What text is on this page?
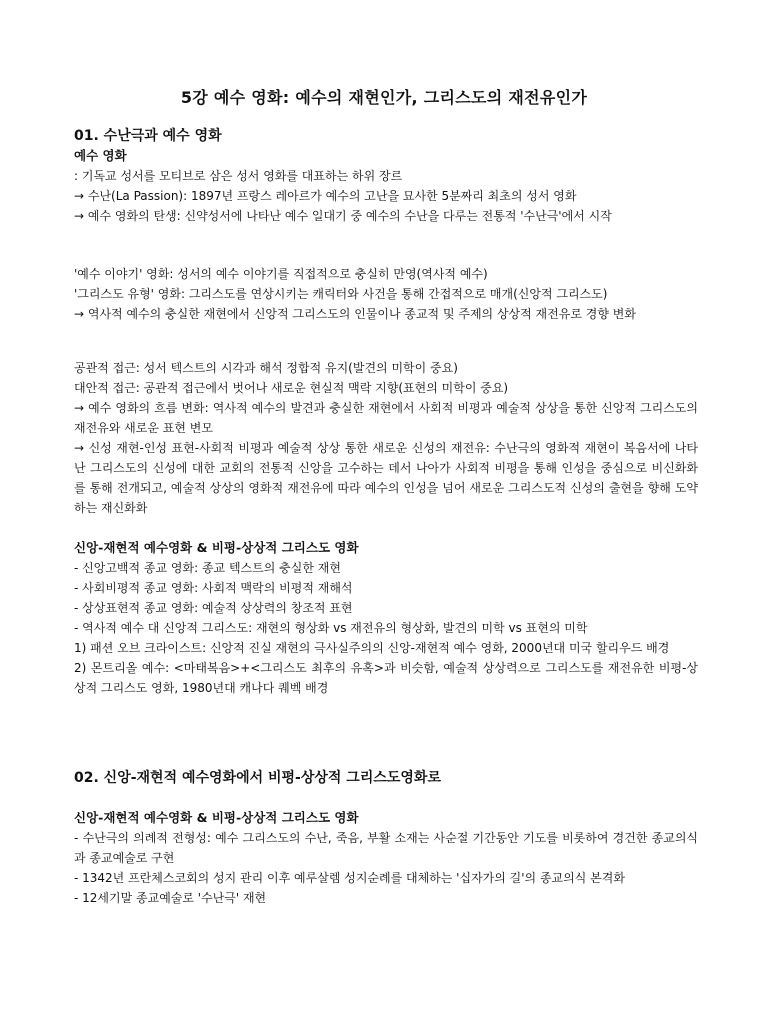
5강 예수 영화: 예수의 재현인가, 그리스도의 재전유인가
01. 수난극과 예수 영화
예수 영화
: 기독교 성서를 모티브로 삼은 성서 영화를 대표하는 하위 장르
→ 수난(La Passion): 1897년 프랑스 레아르가 예수의 고난을 묘사한 5분짜리 최초의 성서 영화
→ 예수 영화의 탄생: 신약성서에 나타난 예수 일대기 중 예수의 수난을 다루는 전통적 '수난극'에서 시작
'예수 이야기' 영화: 성서의 예수 이야기를 직접적으로 충실히 만영(역사적 예수)
'그리스도 유형' 영화: 그리스도를 연상시키는 캐릭터와 사건을 통해 간접적으로 매개(신앙적 그리스도)
→ 역사적 예수의 충실한 재현에서 신앙적 그리스도의 인물이나 종교적 및 주제의 상상적 재전유로 경향 변화
공관적 접근: 성서 텍스트의 시각과 해석 정합적 유지(발견의 미학이 중요)
대안적 접근: 공관적 접근에서 벗어나 새로운 현실적 맥락 지향(표현의 미학이 중요)
→ 예수 영화의 흐름 변화: 역사적 예수의 발견과 충실한 재현에서 사회적 비평과 예술적 상상을 통한 신앙적 그리스도의 재전유와 새로운 표현 변모
→ 신성 재현-인성 표현-사회적 비평과 예술적 상상 통한 새로운 신성의 재전유: 수난극의 영화적 재현이 복음서에 나타난 그리스도의 신성에 대한 교회의 전통적 신앙을 고수하는 데서 나아가 사회적 비평을 통해 인성을 중심으로 비신화화를 통해 전개되고, 예술적 상상의 영화적 재전유에 따라 예수의 인성을 넘어 새로운 그리스도적 신성의 출현을 향해 도약하는 재신화화
신앙-재현적 예수영화 & 비평-상상적 그리스도 영화
- 신앙고백적 종교 영화: 종교 텍스트의 충실한 재현
- 사회비평적 종교 영화: 사회적 맥락의 비평적 재해석
- 상상표현적 종교 영화: 예술적 상상력의 창조적 표현
- 역사적 예수 대 신앙적 그리스도: 재현의 형상화 vs 재전유의 형상화, 발견의 미학 vs 표현의 미학
1) 패션 오브 크라이스트: 신앙적 진실 재현의 극사실주의의 신앙-재현적 예수 영화, 2000년대 미국 할리우드 배경
2) 몬트리올 예수: <마태복음>+<그리스도 최후의 유혹>과 비슷함, 예술적 상상력으로 그리스도를 재전유한 비평-상상적 그리스도 영화, 1980년대 캐나다 퀘벡 배경
02. 신앙-재현적 예수영화에서 비평-상상적 그리스도영화로
신앙-재현적 예수영화 & 비평-상상적 그리스도 영화
- 수난극의 의례적 전형성: 예수 그리스도의 수난, 죽음, 부활 소재는 사순절 기간동안 기도를 비롯하여 경건한 종교의식과 종교예술로 구현
- 1342년 프란체스코회의 성지 관리 이후 예루살렘 성지순례를 대체하는 '십자가의 길'의 종교의식 본격화
- 12세기말 종교예술로 '수난극' 재현
